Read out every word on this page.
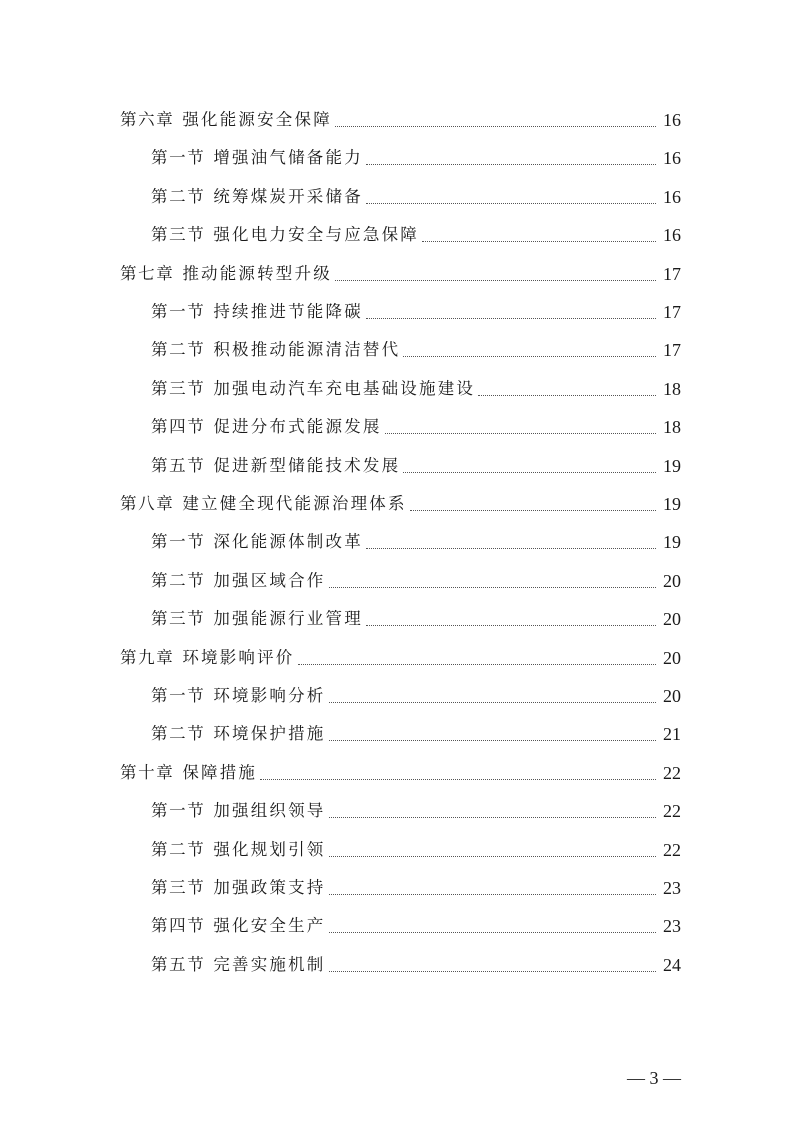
第六章 强化能源安全保障	16
第一节 增强油气储备能力	16
第二节 统筹煤炭开采储备	16
第三节 强化电力安全与应急保障	16
第七章 推动能源转型升级	17
第一节 持续推进节能降碳	17
第二节 积极推动能源清洁替代	17
第三节 加强电动汽车充电基础设施建设	18
第四节 促进分布式能源发展	18
第五节 促进新型储能技术发展	19
第八章 建立健全现代能源治理体系	19
第一节 深化能源体制改革	19
第二节 加强区域合作	20
第三节 加强能源行业管理	20
第九章 环境影响评价	20
第一节 环境影响分析	20
第二节 环境保护措施	21
第十章 保障措施	22
第一节 加强组织领导	22
第二节 强化规划引领	22
第三节 加强政策支持	23
第四节 强化安全生产	23
第五节 完善实施机制	24
— 3 —
